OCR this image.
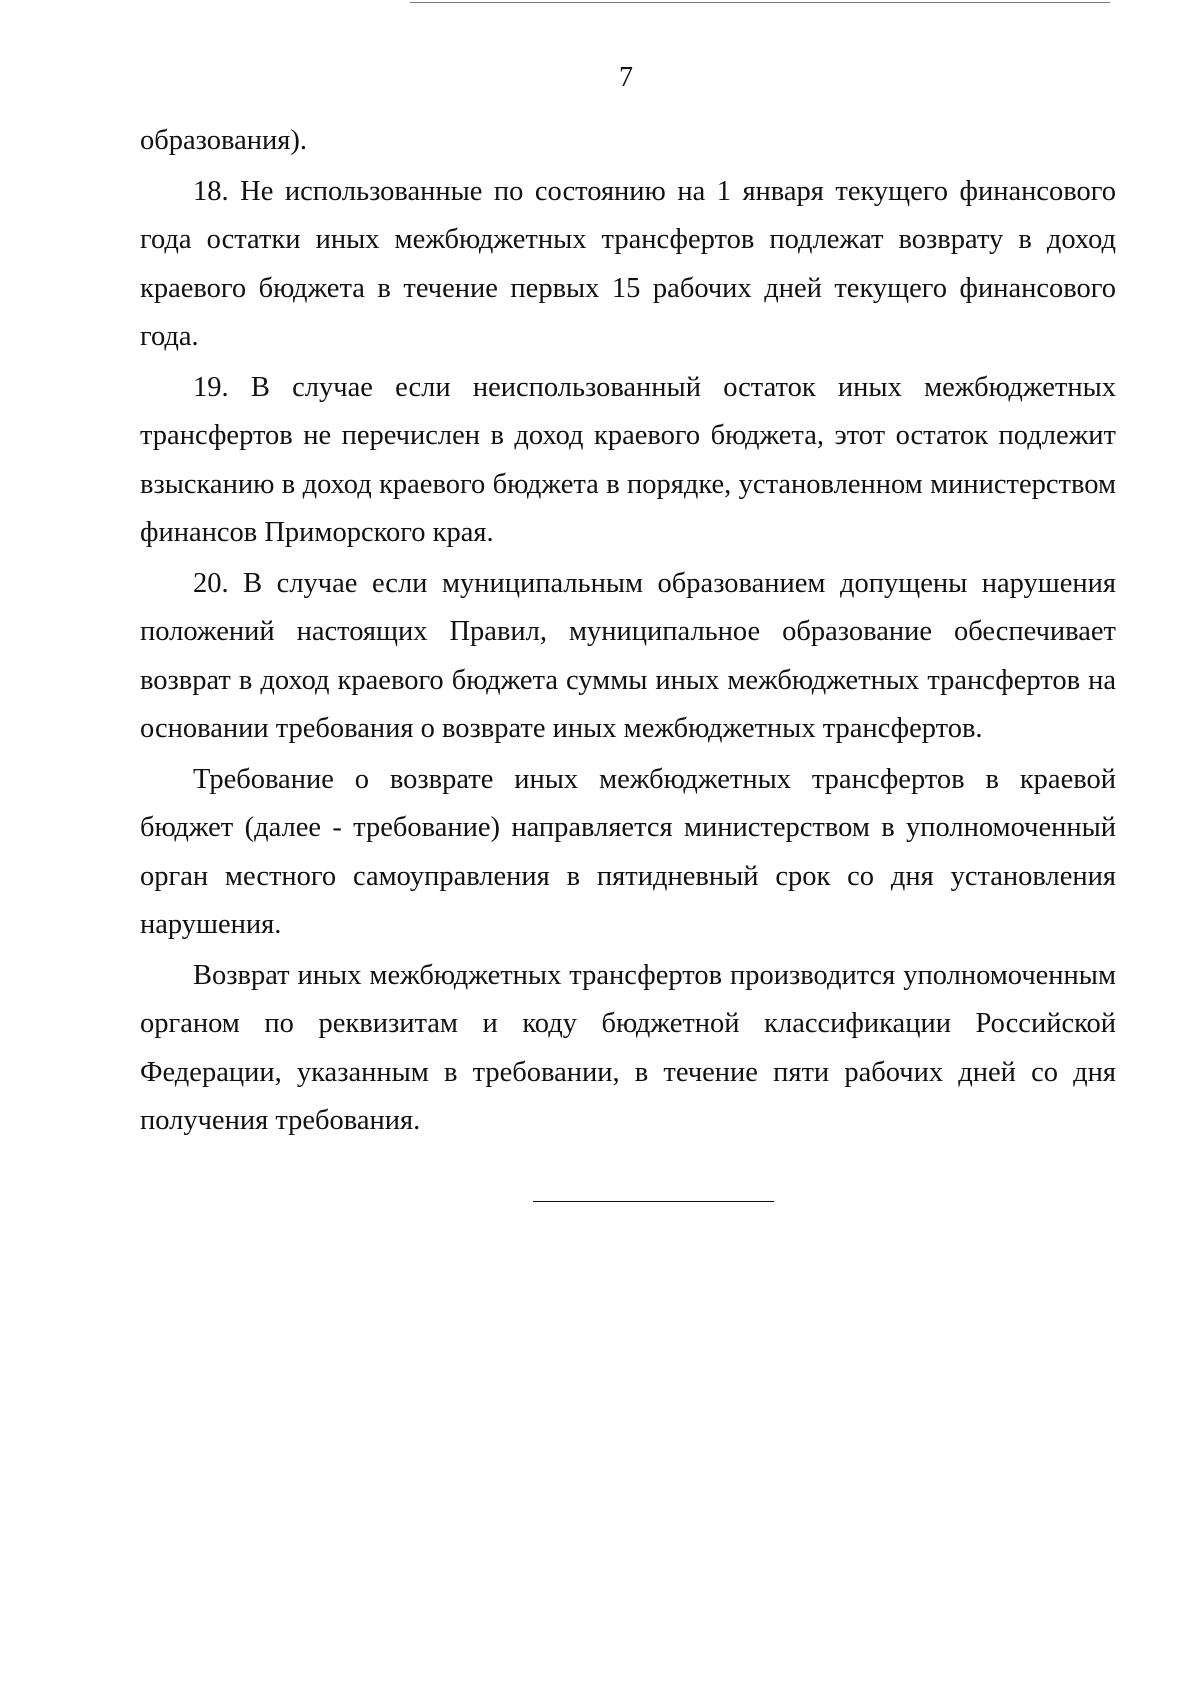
7

образования).

18. Не использованные по состоянию на 1 января текущего финансового года остатки иных межбюджетных трансфертов подлежат возврату в доход краевого бюджета в течение первых 15 рабочих дней текущего финансового года.

19. В случае если неиспользованный остаток иных межбюджетных трансфертов не перечислен в доход краевого бюджета, этот остаток подлежит взысканию в доход краевого бюджета в порядке, установленном министерством финансов Приморского края.

20. В случае если муниципальным образованием допущены нарушения положений настоящих Правил, муниципальное образование обеспечивает возврат в доход краевого бюджета суммы иных межбюджетных трансфертов на основании требования о возврате иных межбюджетных трансфертов.

Требование о возврате иных межбюджетных трансфертов в краевой бюджет (далее - требование) направляется министерством в уполномоченный орган местного самоуправления в пятидневный срок со дня установления нарушения.

Возврат иных межбюджетных трансфертов производится уполномоченным органом по реквизитам и коду бюджетной классификации Российской Федерации, указанным в требовании, в течение пяти рабочих дней со дня получения требования.
